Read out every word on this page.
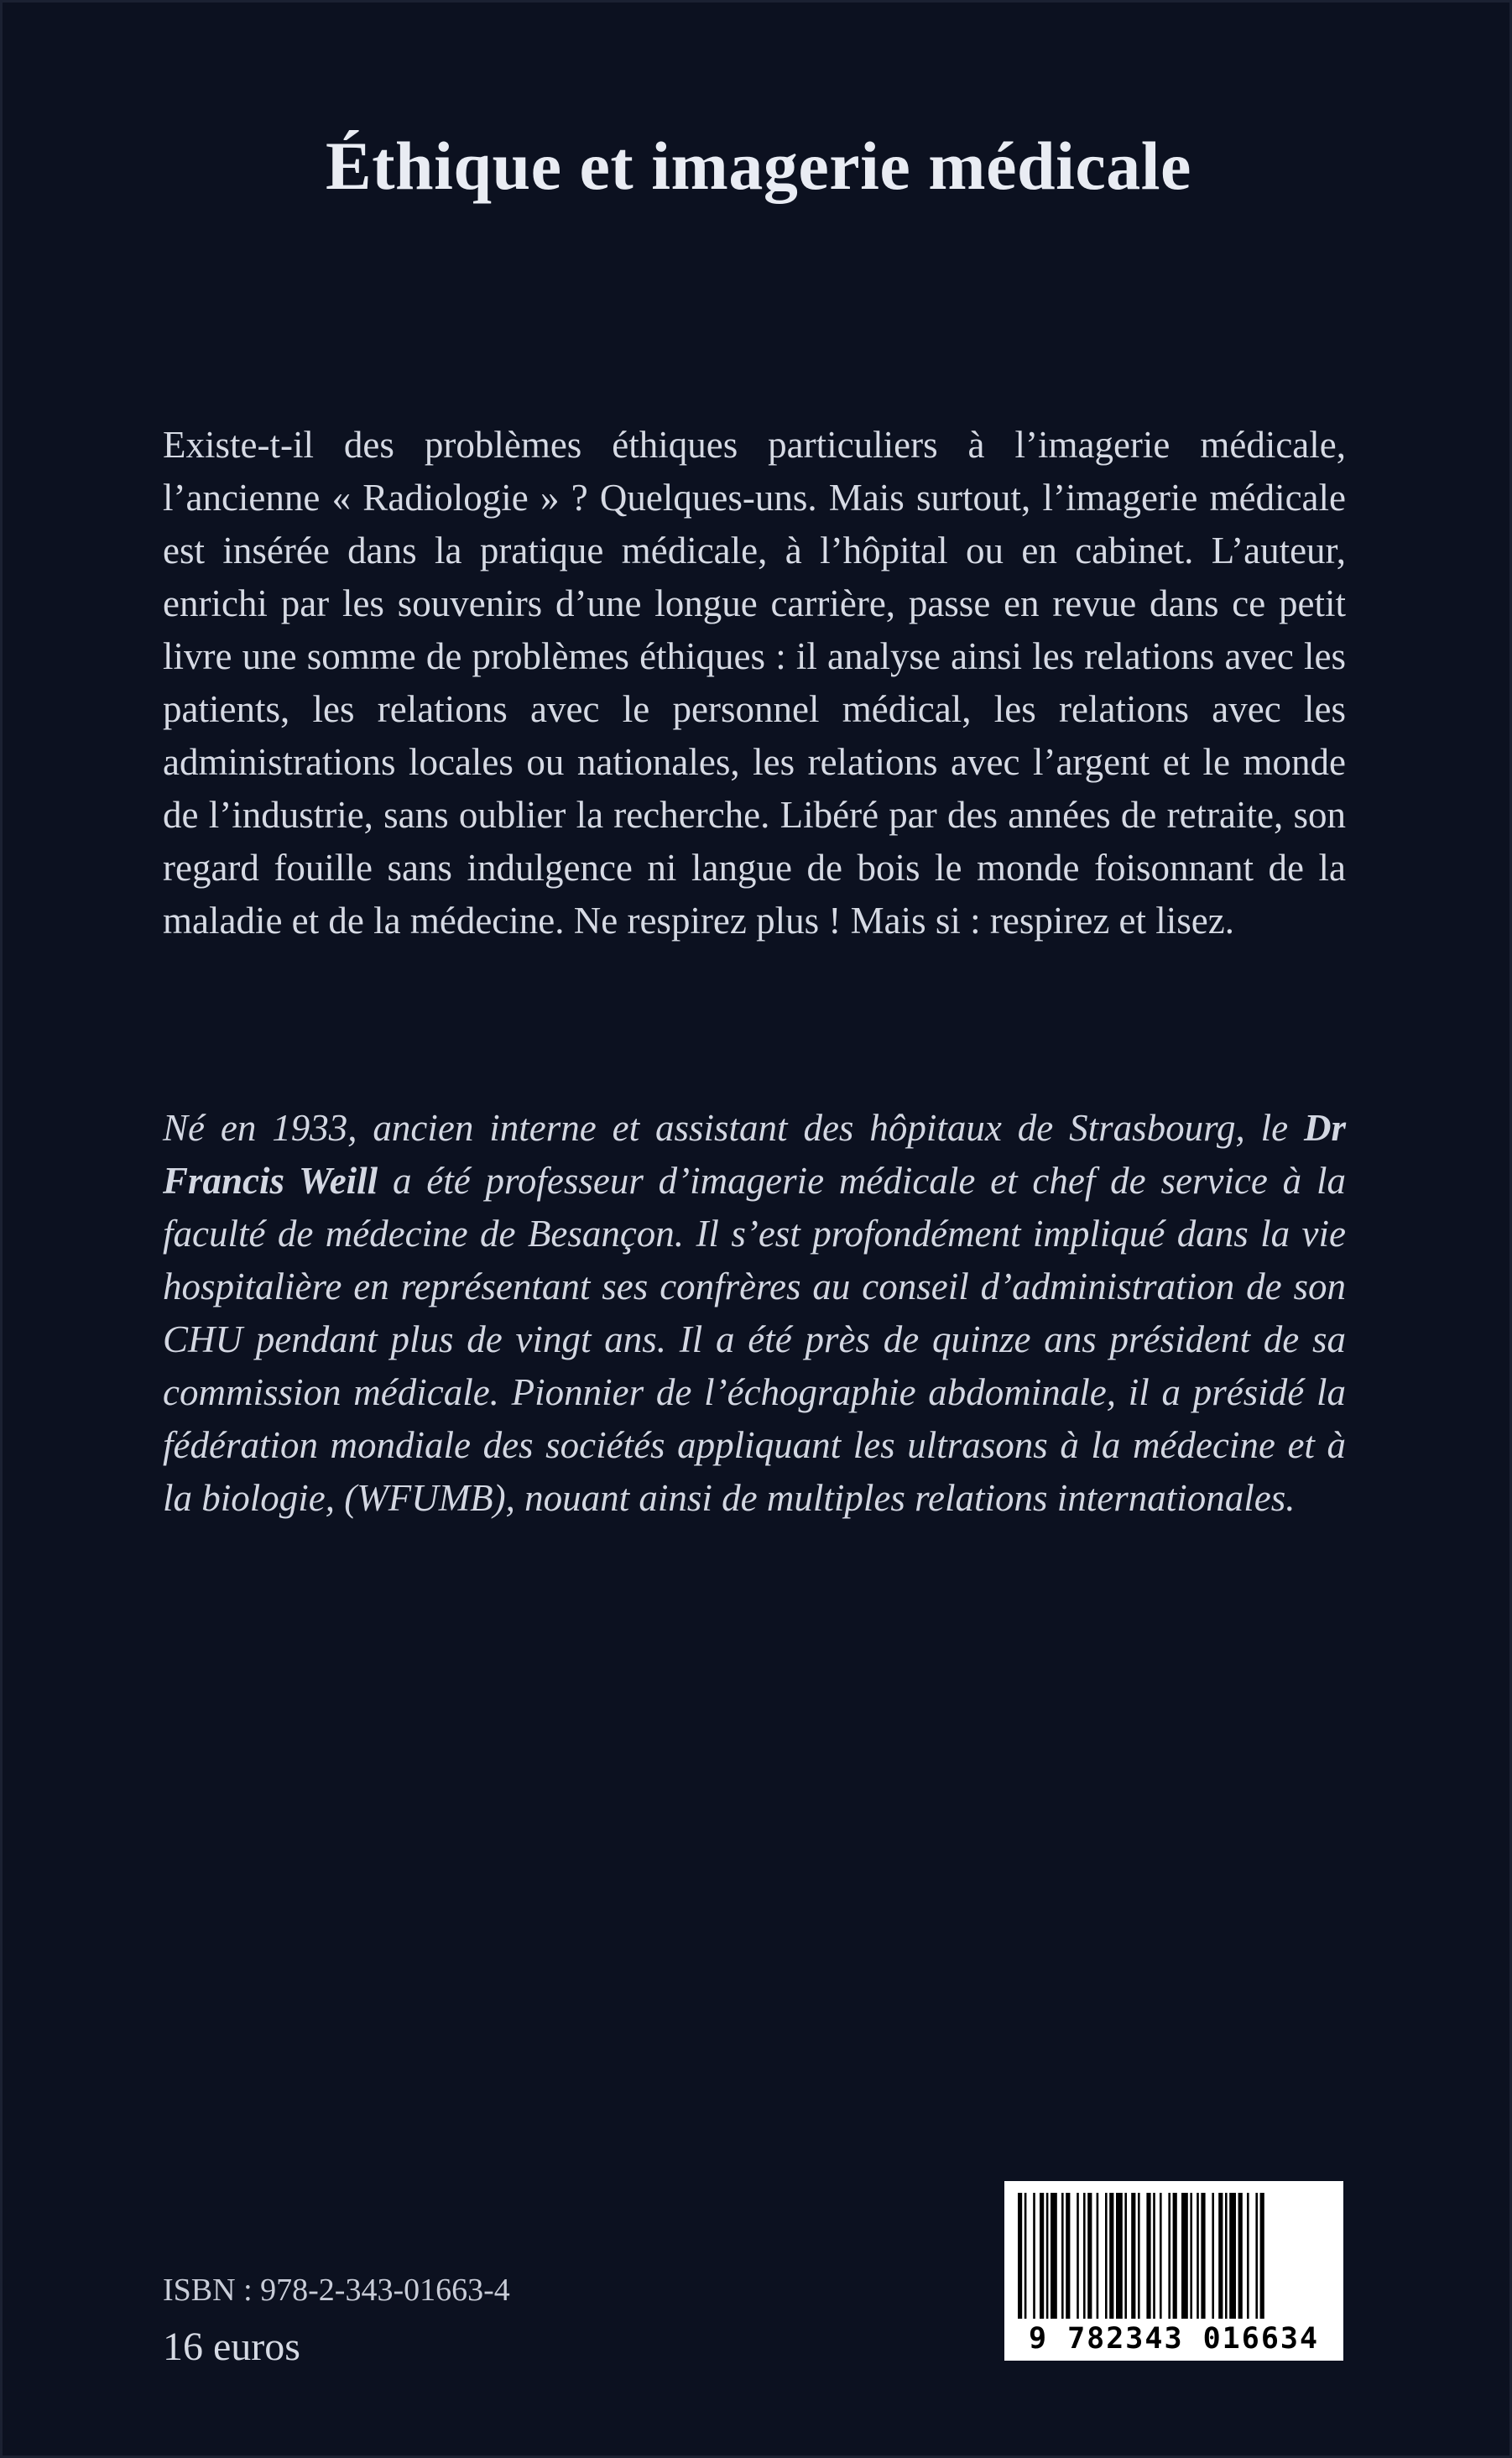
Éthique et imagerie médicale

Existe-t-il des problèmes éthiques particuliers à l’imagerie médicale, l’ancienne « Radiologie » ? Quelques-uns. Mais surtout, l’imagerie médicale est insérée dans la pratique médicale, à l’hôpital ou en cabinet. L’auteur, enrichi par les souvenirs d’une longue carrière, passe en revue dans ce petit livre une somme de problèmes éthiques : il analyse ainsi les relations avec les patients, les relations avec le personnel médical, les relations avec les administrations locales ou nationales, les relations avec l’argent et le monde de l’industrie, sans oublier la recherche. Libéré par des années de retraite, son regard fouille sans indulgence ni langue de bois le monde foisonnant de la maladie et de la médecine. Ne respirez plus ! Mais si : respirez et lisez.

Né en 1933, ancien interne et assistant des hôpitaux de Strasbourg, le Dr Francis Weill a été professeur d’imagerie médicale et chef de service à la faculté de médecine de Besançon. Il s’est profondément impliqué dans la vie hospitalière en représentant ses confrères au conseil d’administration de son CHU pendant plus de vingt ans. Il a été près de quinze ans président de sa commission médicale. Pionnier de l’échographie abdominale, il a présidé la fédération mondiale des sociétés appliquant les ultrasons à la médecine et à la biologie, (WFUMB), nouant ainsi de multiples relations internationales.

ISBN : 978-2-343-01663-4

16 euros	9 782343 016634
